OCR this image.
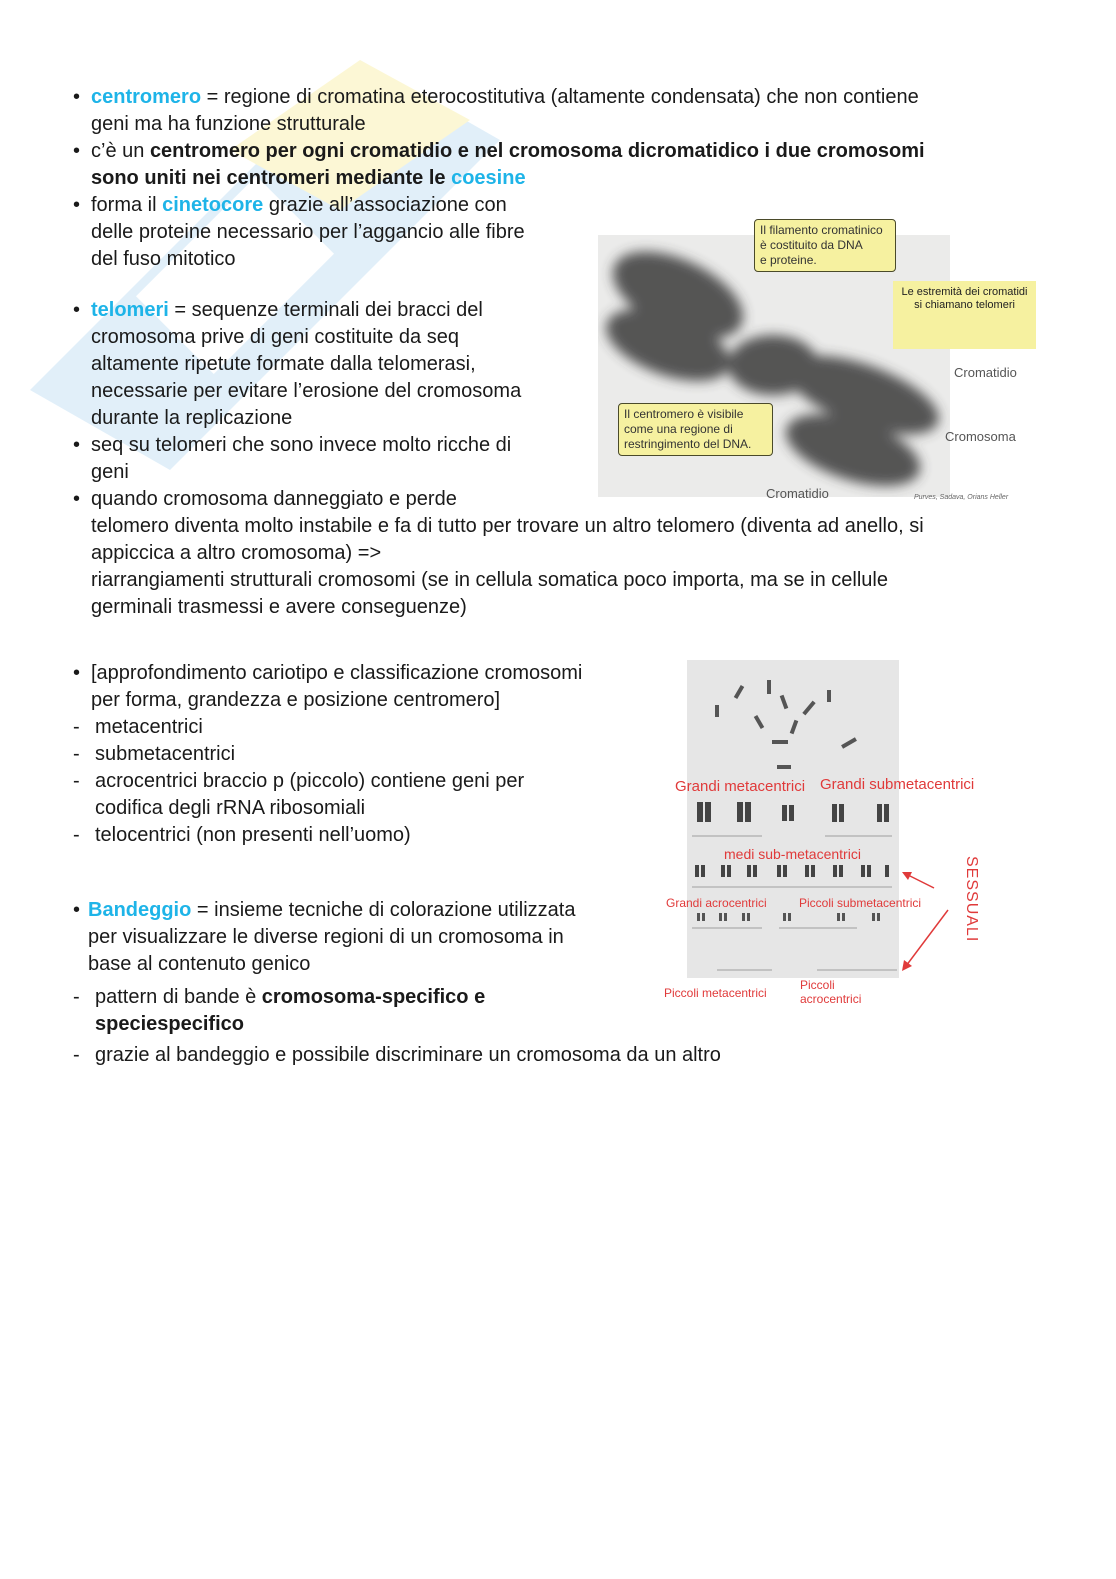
• centromero = regione di cromatina eterocostitutiva (altamente condensata) che non contiene
geni ma ha funzione strutturale
• c’è un centromero per ogni cromatidio e nel cromosoma dicromatidico i due cromosomi
sono uniti nei centromeri mediante le coesine
• forma il cinetocore grazie all’associazione con
delle proteine necessario per l’aggancio alle fibre
del fuso mitotico
• telomeri = sequenze terminali dei bracci del
cromosoma prive di geni costituite da seq
altamente ripetute formate dalla telomerasi,
necessarie per evitare l’erosione del cromosoma
durante la replicazione
• seq su telomeri che sono invece molto ricche di
geni
• quando cromosoma danneggiato e perde
telomero diventa molto instabile e fa di tutto per trovare un altro telomero (diventa ad anello, si
appiccica a altro cromosoma) =>
riarrangiamenti strutturali cromosomi (se in cellula somatica poco importa, ma se in cellule
germinali trasmessi e avere conseguenze)
Il filamento cromatinico
è costituito da DNA
e proteine.
Le estremità dei cromatidi
si chiamano telomeri
Il centromero è visibile
come una regione di
restringimento del DNA.
Cromatidio
Cromosoma
Cromatidio	Purves, Sadava, Orians Heller
• [approfondimento cariotipo e classificazione cromosomi
per forma, grandezza e posizione centromero]
- metacentrici
- submetacentrici
- acrocentrici braccio p (piccolo) contiene geni per
codifica degli rRNA ribosomiali
- telocentrici (non presenti nell’uomo)
• Bandeggio = insieme tecniche di colorazione utilizzata
per visualizzare le diverse regioni di un cromosoma in
base al contenuto genico
- pattern di bande è cromosoma-specifico e
speciespecifico
- grazie al bandeggio e possibile discriminare un cromosoma da un altro
Grandi metacentrici Grandi submetacentrici
medi sub-metacentrici
Grandi acrocentrici	Piccoli submetacentrici
Piccoli metacentrici
Piccoli
acrocentrici
SESSUALI
